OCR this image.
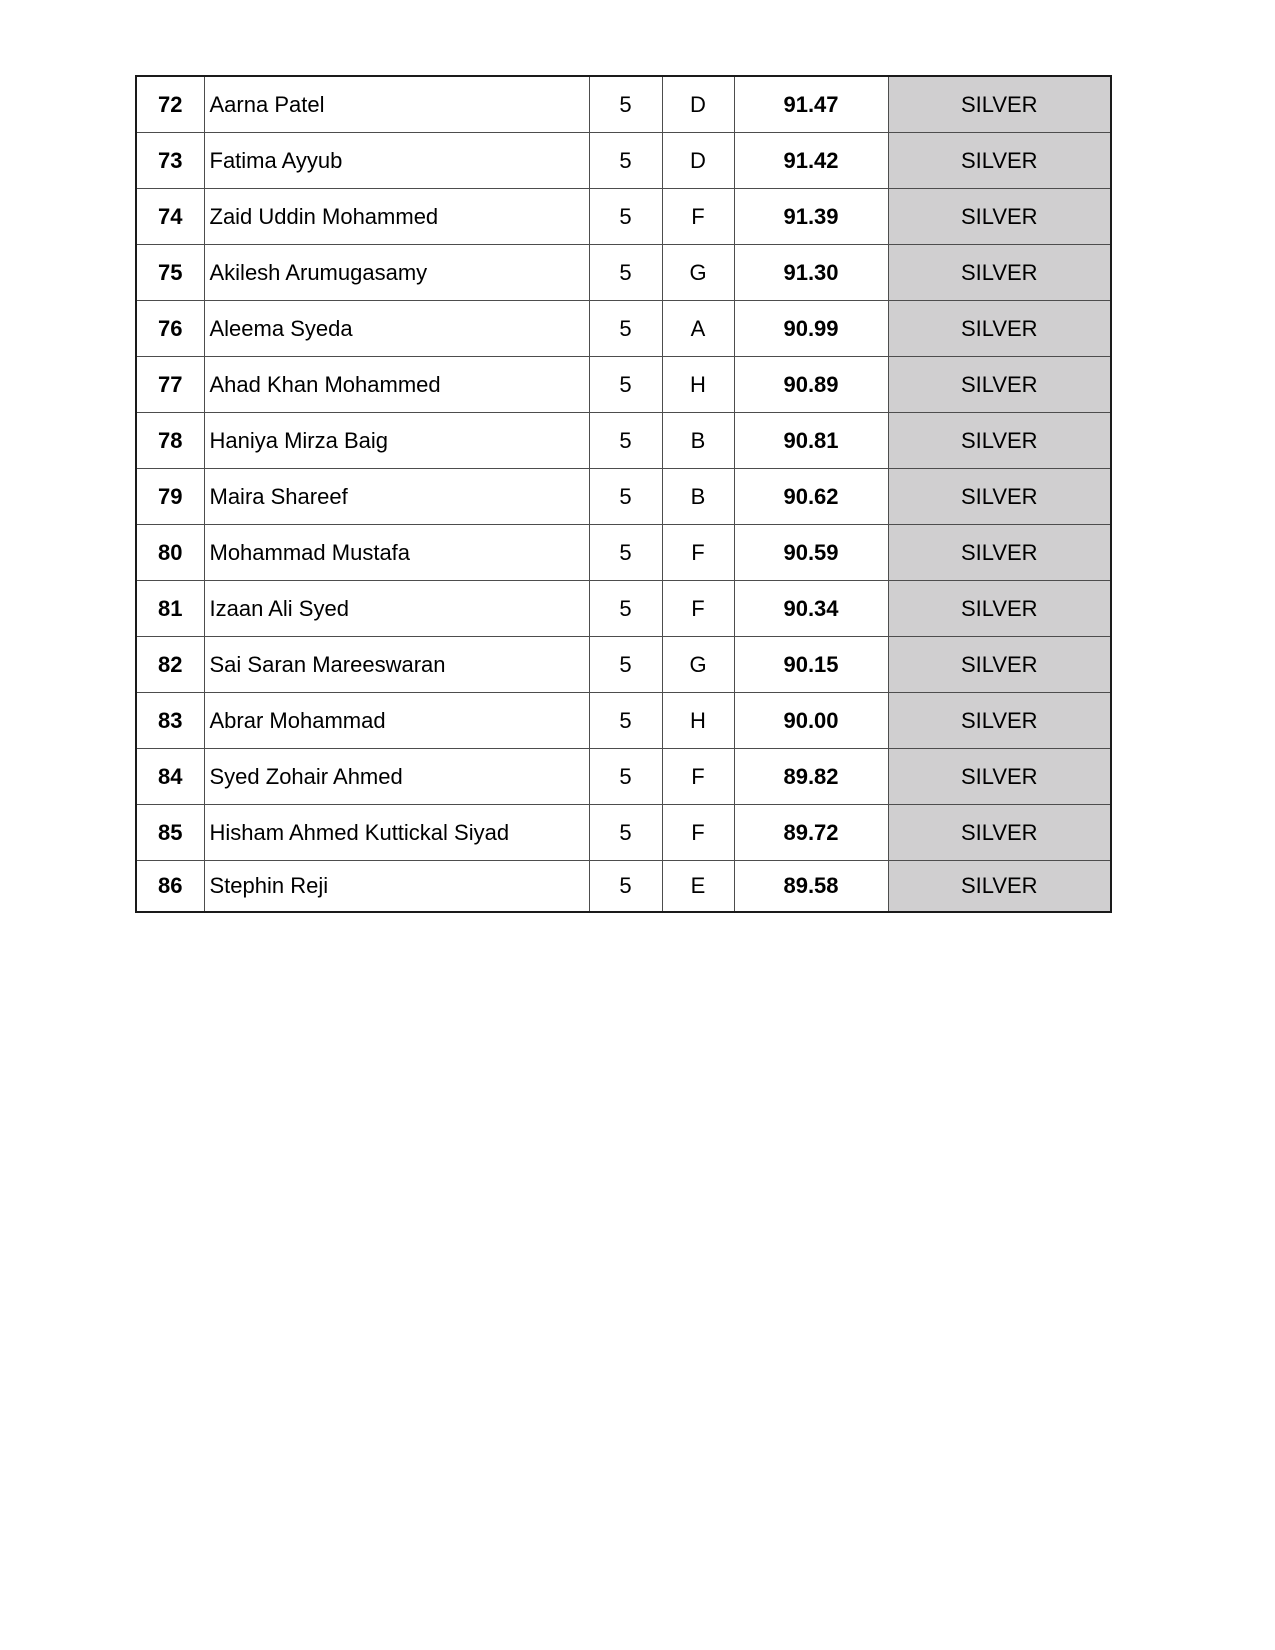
72	Aarna Patel	5	D	91.47	SILVER
73	Fatima Ayyub	5	D	91.42	SILVER
74	Zaid Uddin Mohammed	5	F	91.39	SILVER
75	Akilesh Arumugasamy	5	G	91.30	SILVER
76	Aleema Syeda	5	A	90.99	SILVER
77	Ahad Khan Mohammed	5	H	90.89	SILVER
78	Haniya Mirza Baig	5	B	90.81	SILVER
79	Maira Shareef	5	B	90.62	SILVER
80	Mohammad Mustafa	5	F	90.59	SILVER
81	Izaan Ali Syed	5	F	90.34	SILVER
82	Sai Saran Mareeswaran	5	G	90.15	SILVER
83	Abrar Mohammad	5	H	90.00	SILVER
84	Syed Zohair Ahmed	5	F	89.82	SILVER
85	Hisham Ahmed Kuttickal Siyad	5	F	89.72	SILVER
86	Stephin Reji	5	E	89.58	SILVER
